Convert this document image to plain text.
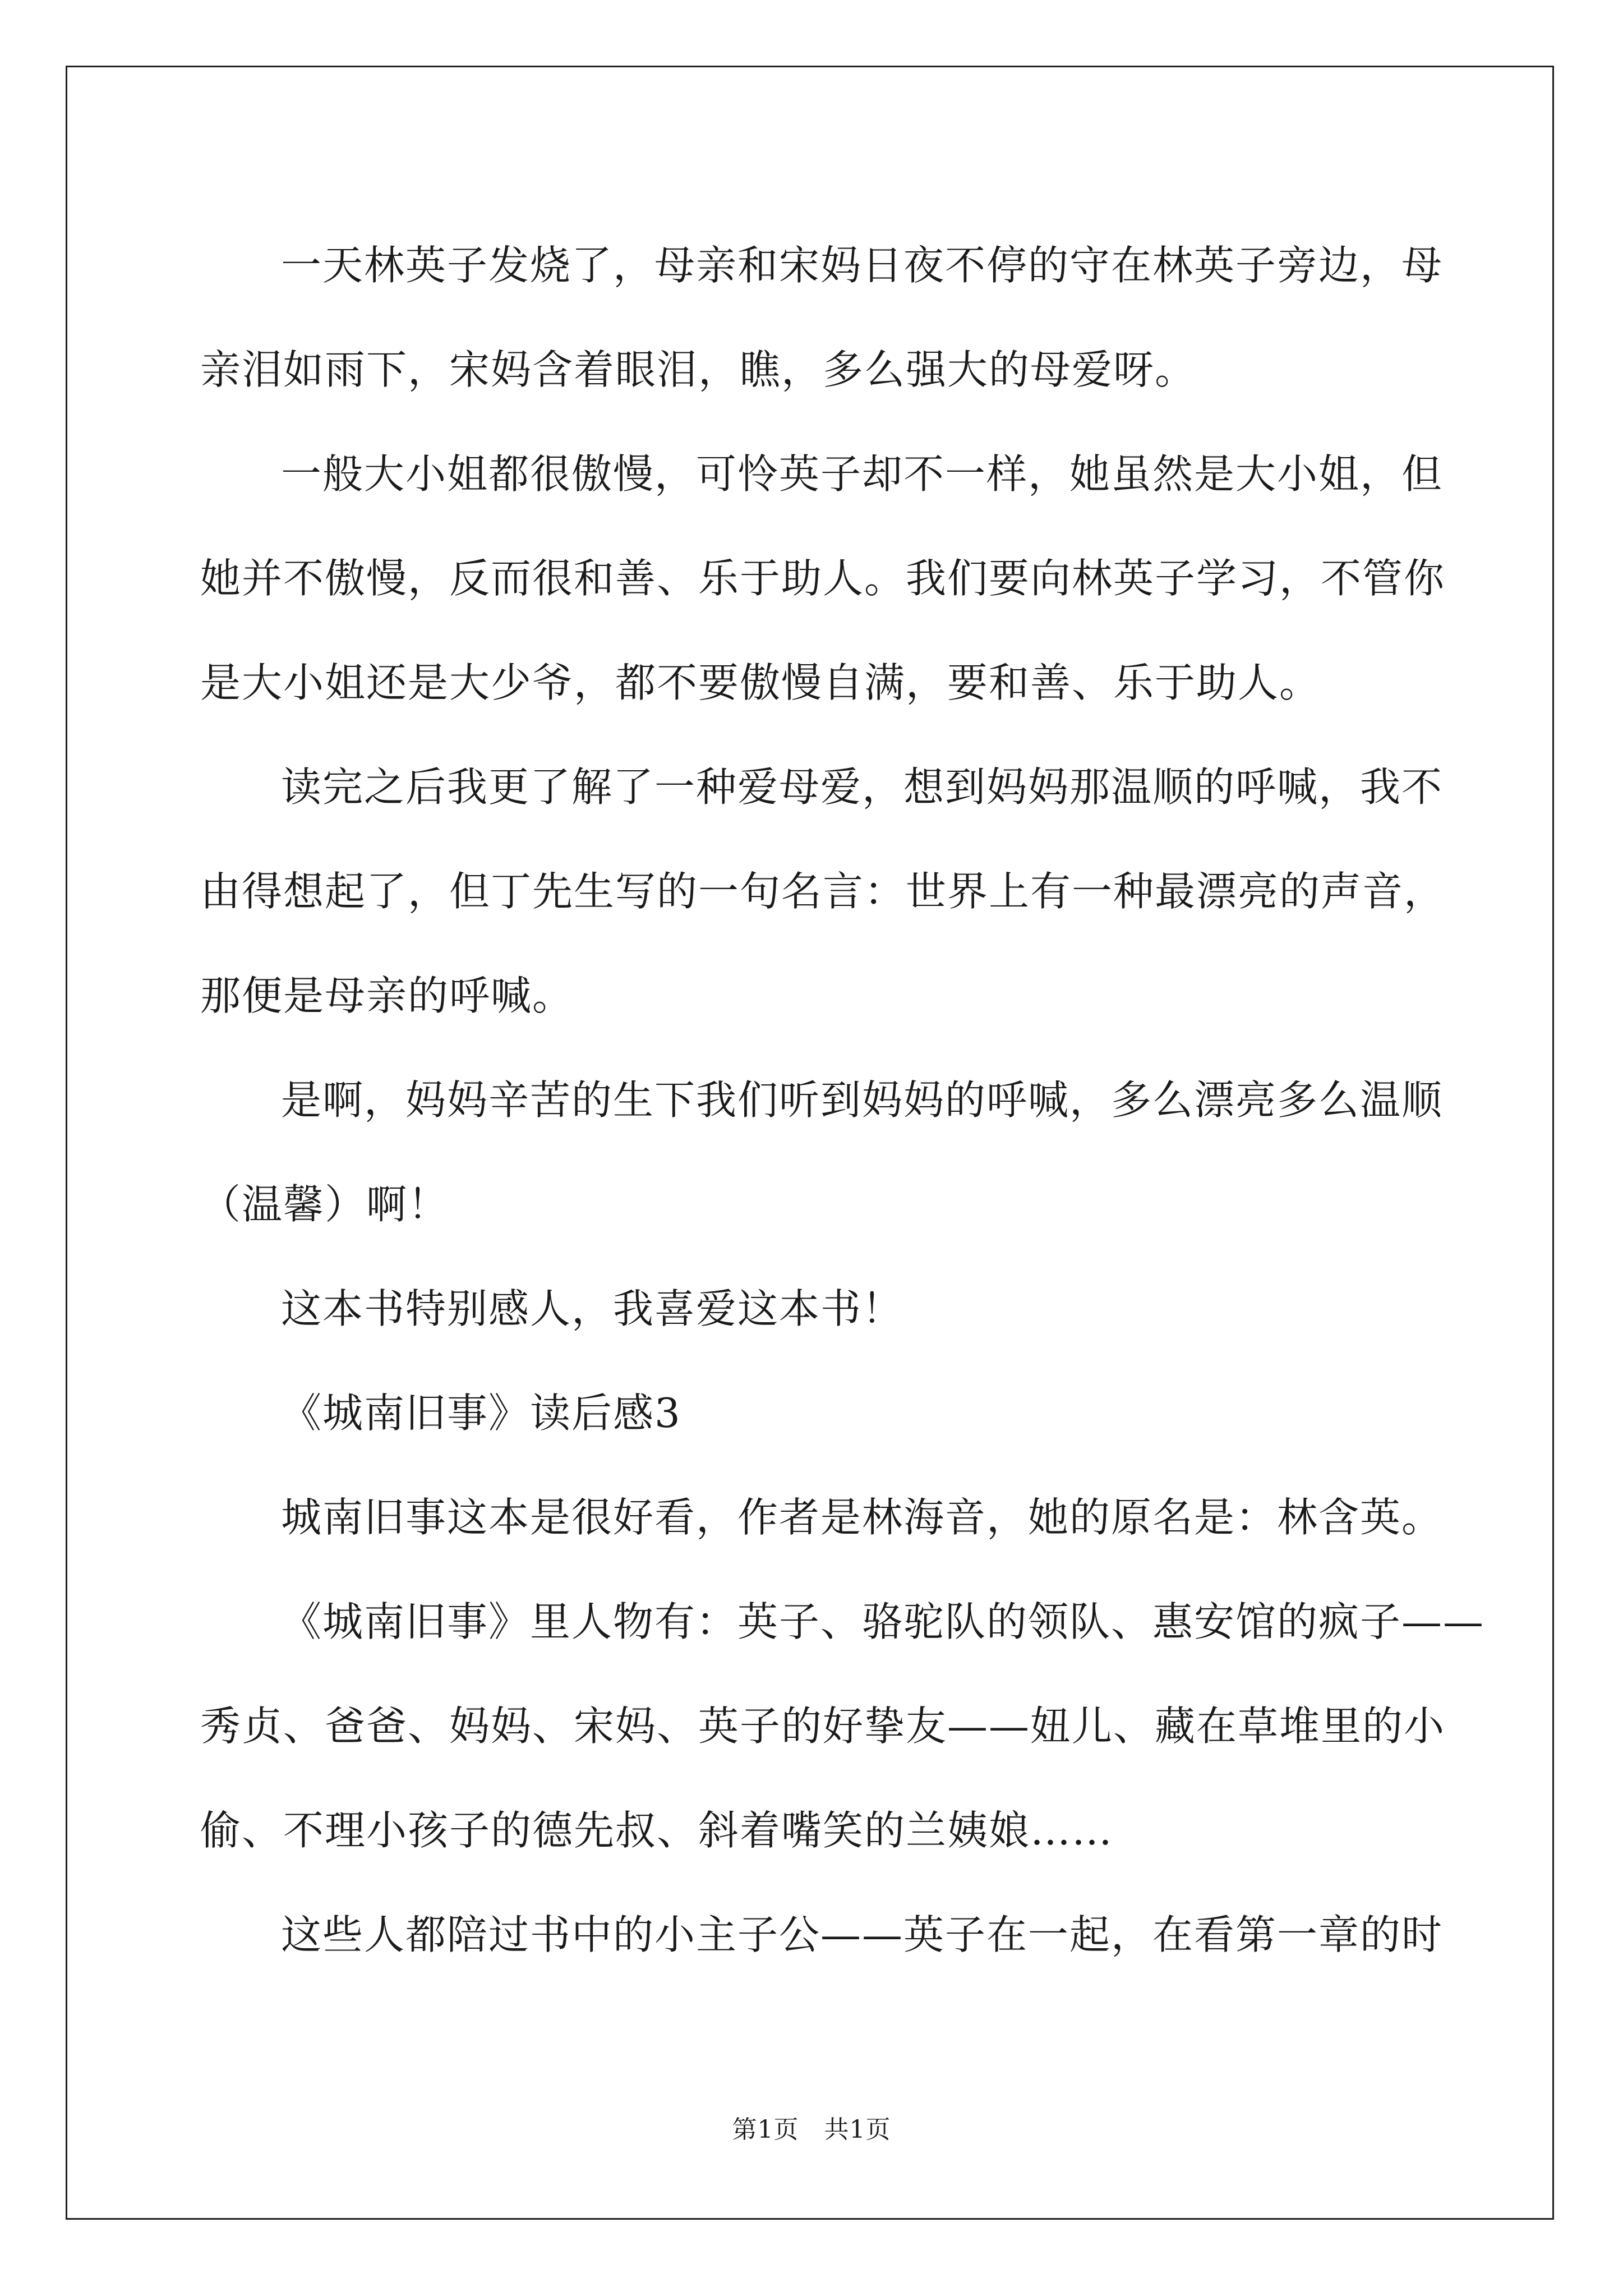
一天林英子发烧了，母亲和宋妈日夜不停的守在林英子旁边，母
亲泪如雨下，宋妈含着眼泪，瞧，多么强大的母爱呀。
一般大小姐都很傲慢，可怜英子却不一样，她虽然是大小姐，但
她并不傲慢，反而很和善、乐于助人。我们要向林英子学习，不管你
是大小姐还是大少爷，都不要傲慢自满，要和善、乐于助人。
读完之后我更了解了一种爱母爱，想到妈妈那温顺的呼喊，我不
由得想起了，但丁先生写的一句名言：世界上有一种最漂亮的声音，
那便是母亲的呼喊。
是啊，妈妈辛苦的生下我们听到妈妈的呼喊，多么漂亮多么温顺
（温馨）啊！
这本书特别感人，我喜爱这本书！
《城南旧事》读后感3
城南旧事这本是很好看，作者是林海音，她的原名是：林含英。
《城南旧事》里人物有：英子、骆驼队的领队、惠安馆的疯子——
秀贞、爸爸、妈妈、宋妈、英子的好挚友——妞儿、藏在草堆里的小
偷、不理小孩子的德先叔、斜着嘴笑的兰姨娘……
这些人都陪过书中的小主子公——英子在一起，在看第一章的时
第1页　共1页
